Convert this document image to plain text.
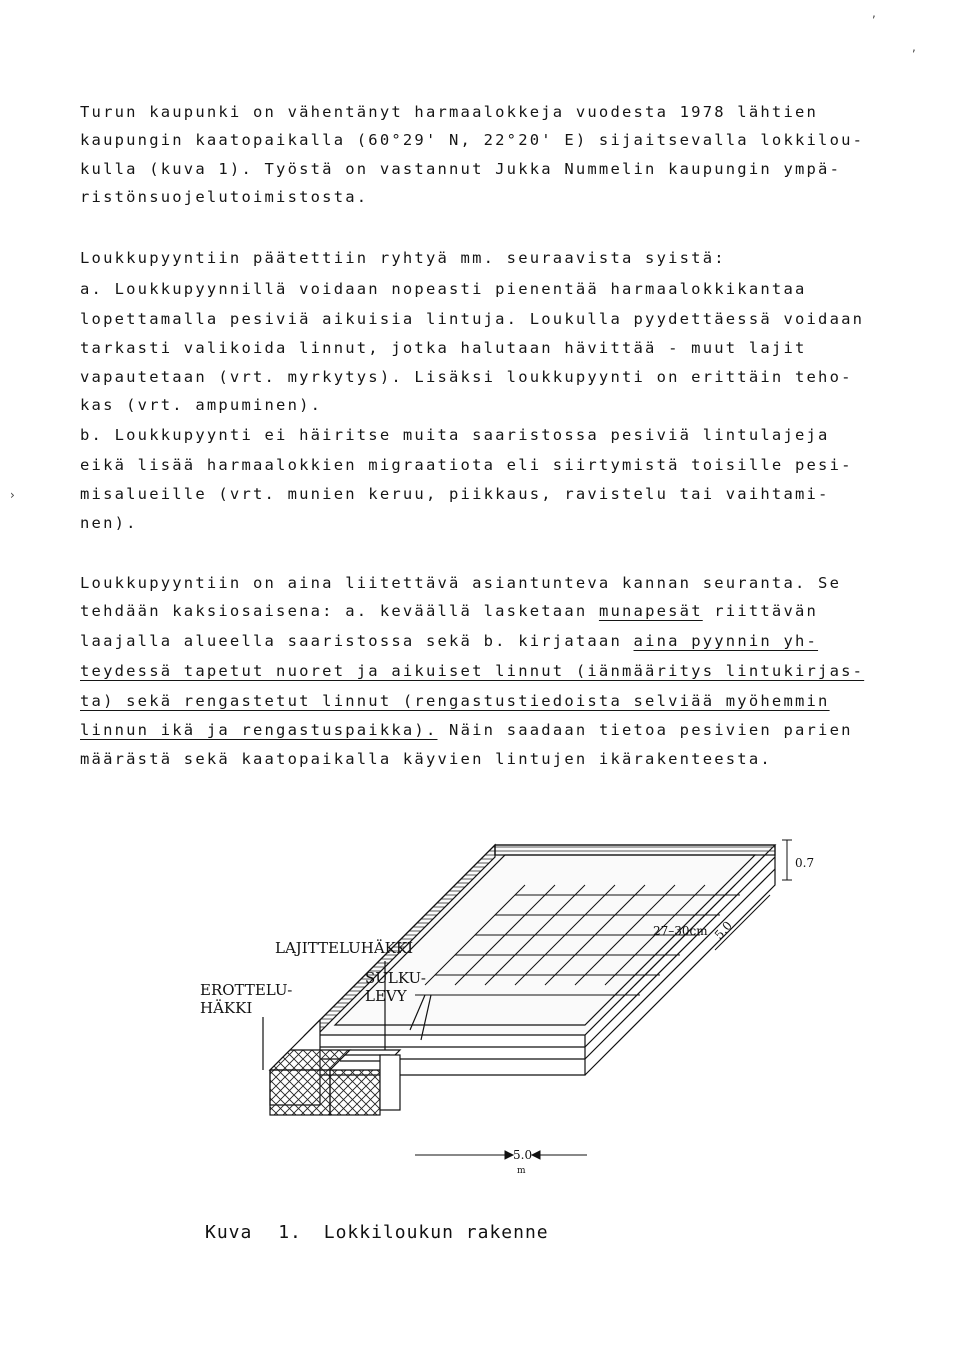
,
,
›
Turun kaupunki on vähentänyt harmaalokkeja vuodesta 1978 lähtien
kaupungin kaatopaikalla (60°29' N, 22°20' E) sijaitsevalla lokkilou-
kulla (kuva 1). Työstä on vastannut Jukka Nummelin kaupungin ympä-
ristönsuojelutoimistosta.
Loukkupyyntiin päätettiin ryhtyä mm. seuraavista syistä:
a. Loukkupyynnillä voidaan nopeasti pienentää harmaalokkikantaa
lopettamalla pesiviä aikuisia lintuja. Loukulla pyydettäessä voidaan
tarkasti valikoida linnut, jotka halutaan hävittää - muut lajit
vapautetaan (vrt. myrkytys). Lisäksi loukkupyynti on erittäin teho-
kas (vrt. ampuminen).
b. Loukkupyynti ei häiritse muita saaristossa pesiviä lintulajeja
eikä lisää harmaalokkien migraatiota eli siirtymistä toisille pesi-
misalueille (vrt. munien keruu, piikkaus, ravistelu tai vaihtami-
nen).
Loukkupyyntiin on aina liitettävä asiantunteva kannan seuranta. Se
tehdään kaksiosaisena: a. keväällä lasketaan munapesät riittävän
laajalla alueella saaristossa sekä b. kirjataan aina pyynnin yh-
teydessä tapetut nuoret ja aikuiset linnut (iänmääritys lintukirjas-
ta) sekä rengastetut linnut (rengastustiedoista selviää myöhemmin
linnun ikä ja rengastuspaikka). Näin saadaan tietoa pesivien parien
määrästä sekä kaatopaikalla käyvien lintujen ikärakenteesta.
LAJITTELUHÄKKI
EROTTELU-
HÄKKI
SULKU-
LEVY
0.7
27–30cm 5.0
5.0
m
Kuva 1. Lokkiloukun rakenne
